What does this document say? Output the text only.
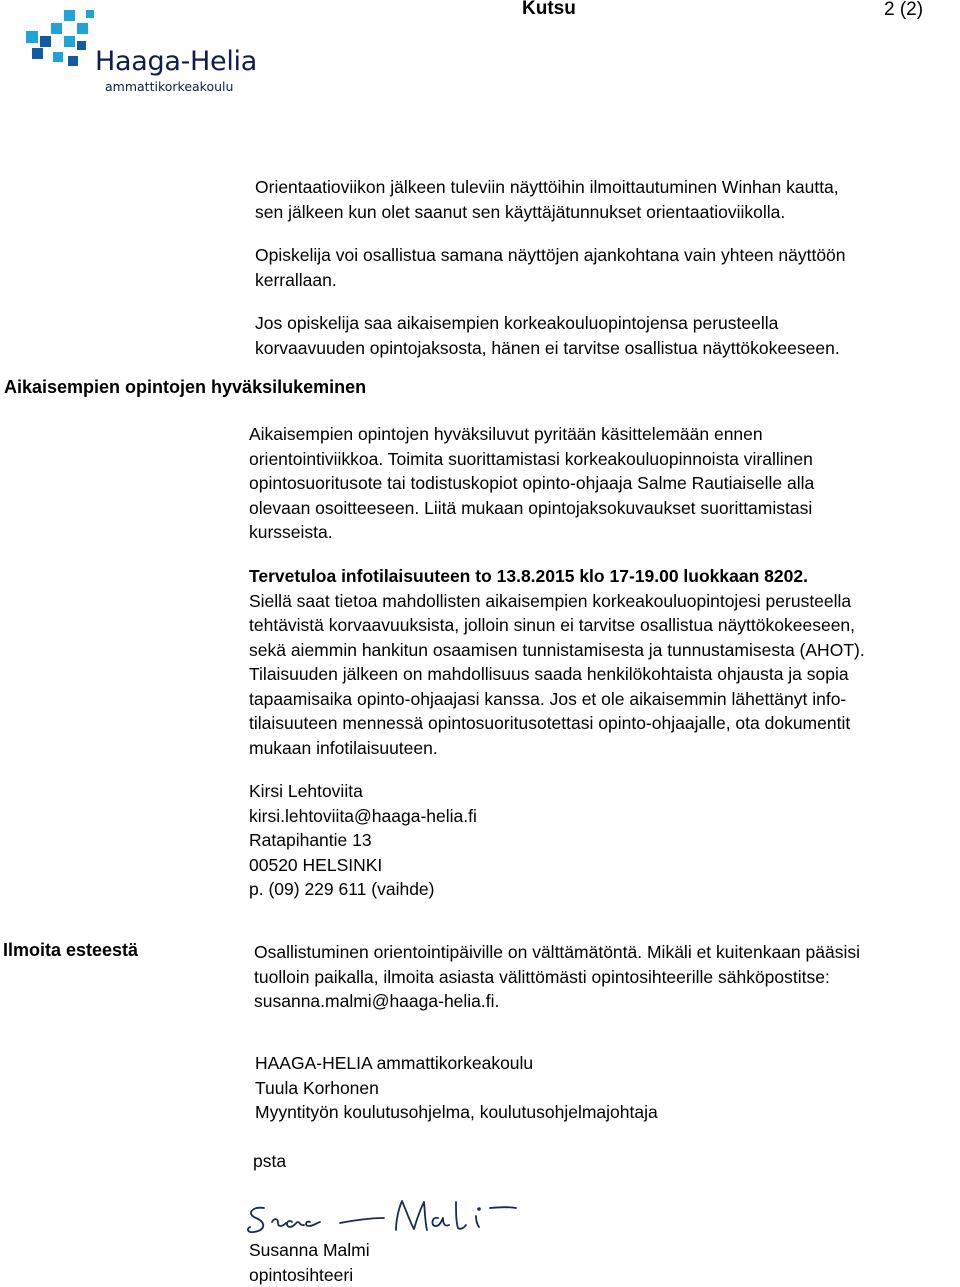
Haaga-Helia
ammattikorkeakoulu
Kutsu	2 (2)

Orientaatioviikon jälkeen tuleviin näyttöihin ilmoittautuminen Winhan kautta,

sen jälkeen kun olet saanut sen käyttäjätunnukset orientaatioviikolla.

Opiskelija voi osallistua samana näyttöjen ajankohtana vain yhteen näyttöön

kerrallaan.

Jos opiskelija saa aikaisempien korkeakouluopintojensa perusteella

korvaavuuden opintojaksosta, hänen ei tarvitse osallistua näyttökokeeseen.

Aikaisempien opintojen hyväksilukeminen

Aikaisempien opintojen hyväksiluvut pyritään käsittelemään ennen

orientointiviikkoa. Toimita suorittamistasi korkeakouluopinnoista virallinen

opintosuoritusote tai todistuskopiot opinto-ohjaaja Salme Rautiaiselle alla

olevaan osoitteeseen. Liitä mukaan opintojaksokuvaukset suorittamistasi

kursseista.

Tervetuloa infotilaisuuteen to 13.8.2015 klo 17-19.00 luokkaan 8202.

Siellä saat tietoa mahdollisten aikaisempien korkeakouluopintojesi perusteella

tehtävistä korvaavuuksista, jolloin sinun ei tarvitse osallistua näyttökokeeseen,

sekä aiemmin hankitun osaamisen tunnistamisesta ja tunnustamisesta (AHOT).

Tilaisuuden jälkeen on mahdollisuus saada henkilökohtaista ohjausta ja sopia

tapaamisaika opinto-ohjaajasi kanssa. Jos et ole aikaisemmin lähettänyt info-

tilaisuuteen mennessä opintosuoritusotettasi opinto-ohjaajalle, ota dokumentit

mukaan infotilaisuuteen.

Kirsi Lehtoviita

kirsi.lehtoviita@haaga-helia.fi

Ratapihantie 13

00520 HELSINKI

p. (09) 229 611 (vaihde)

Ilmoita esteestä	Osallistuminen orientointipäiville on välttämätöntä. Mikäli et kuitenkaan pääsisi

tuolloin paikalla, ilmoita asiasta välittömästi opintosihteerille sähköpostitse:

susanna.malmi@haaga-helia.fi.

HAAGA-HELIA ammattikorkeakoulu

Tuula Korhonen

Myyntityön koulutusohjelma, koulutusohjelmajohtaja

psta

Susanna Malmi

opintosihteeri
